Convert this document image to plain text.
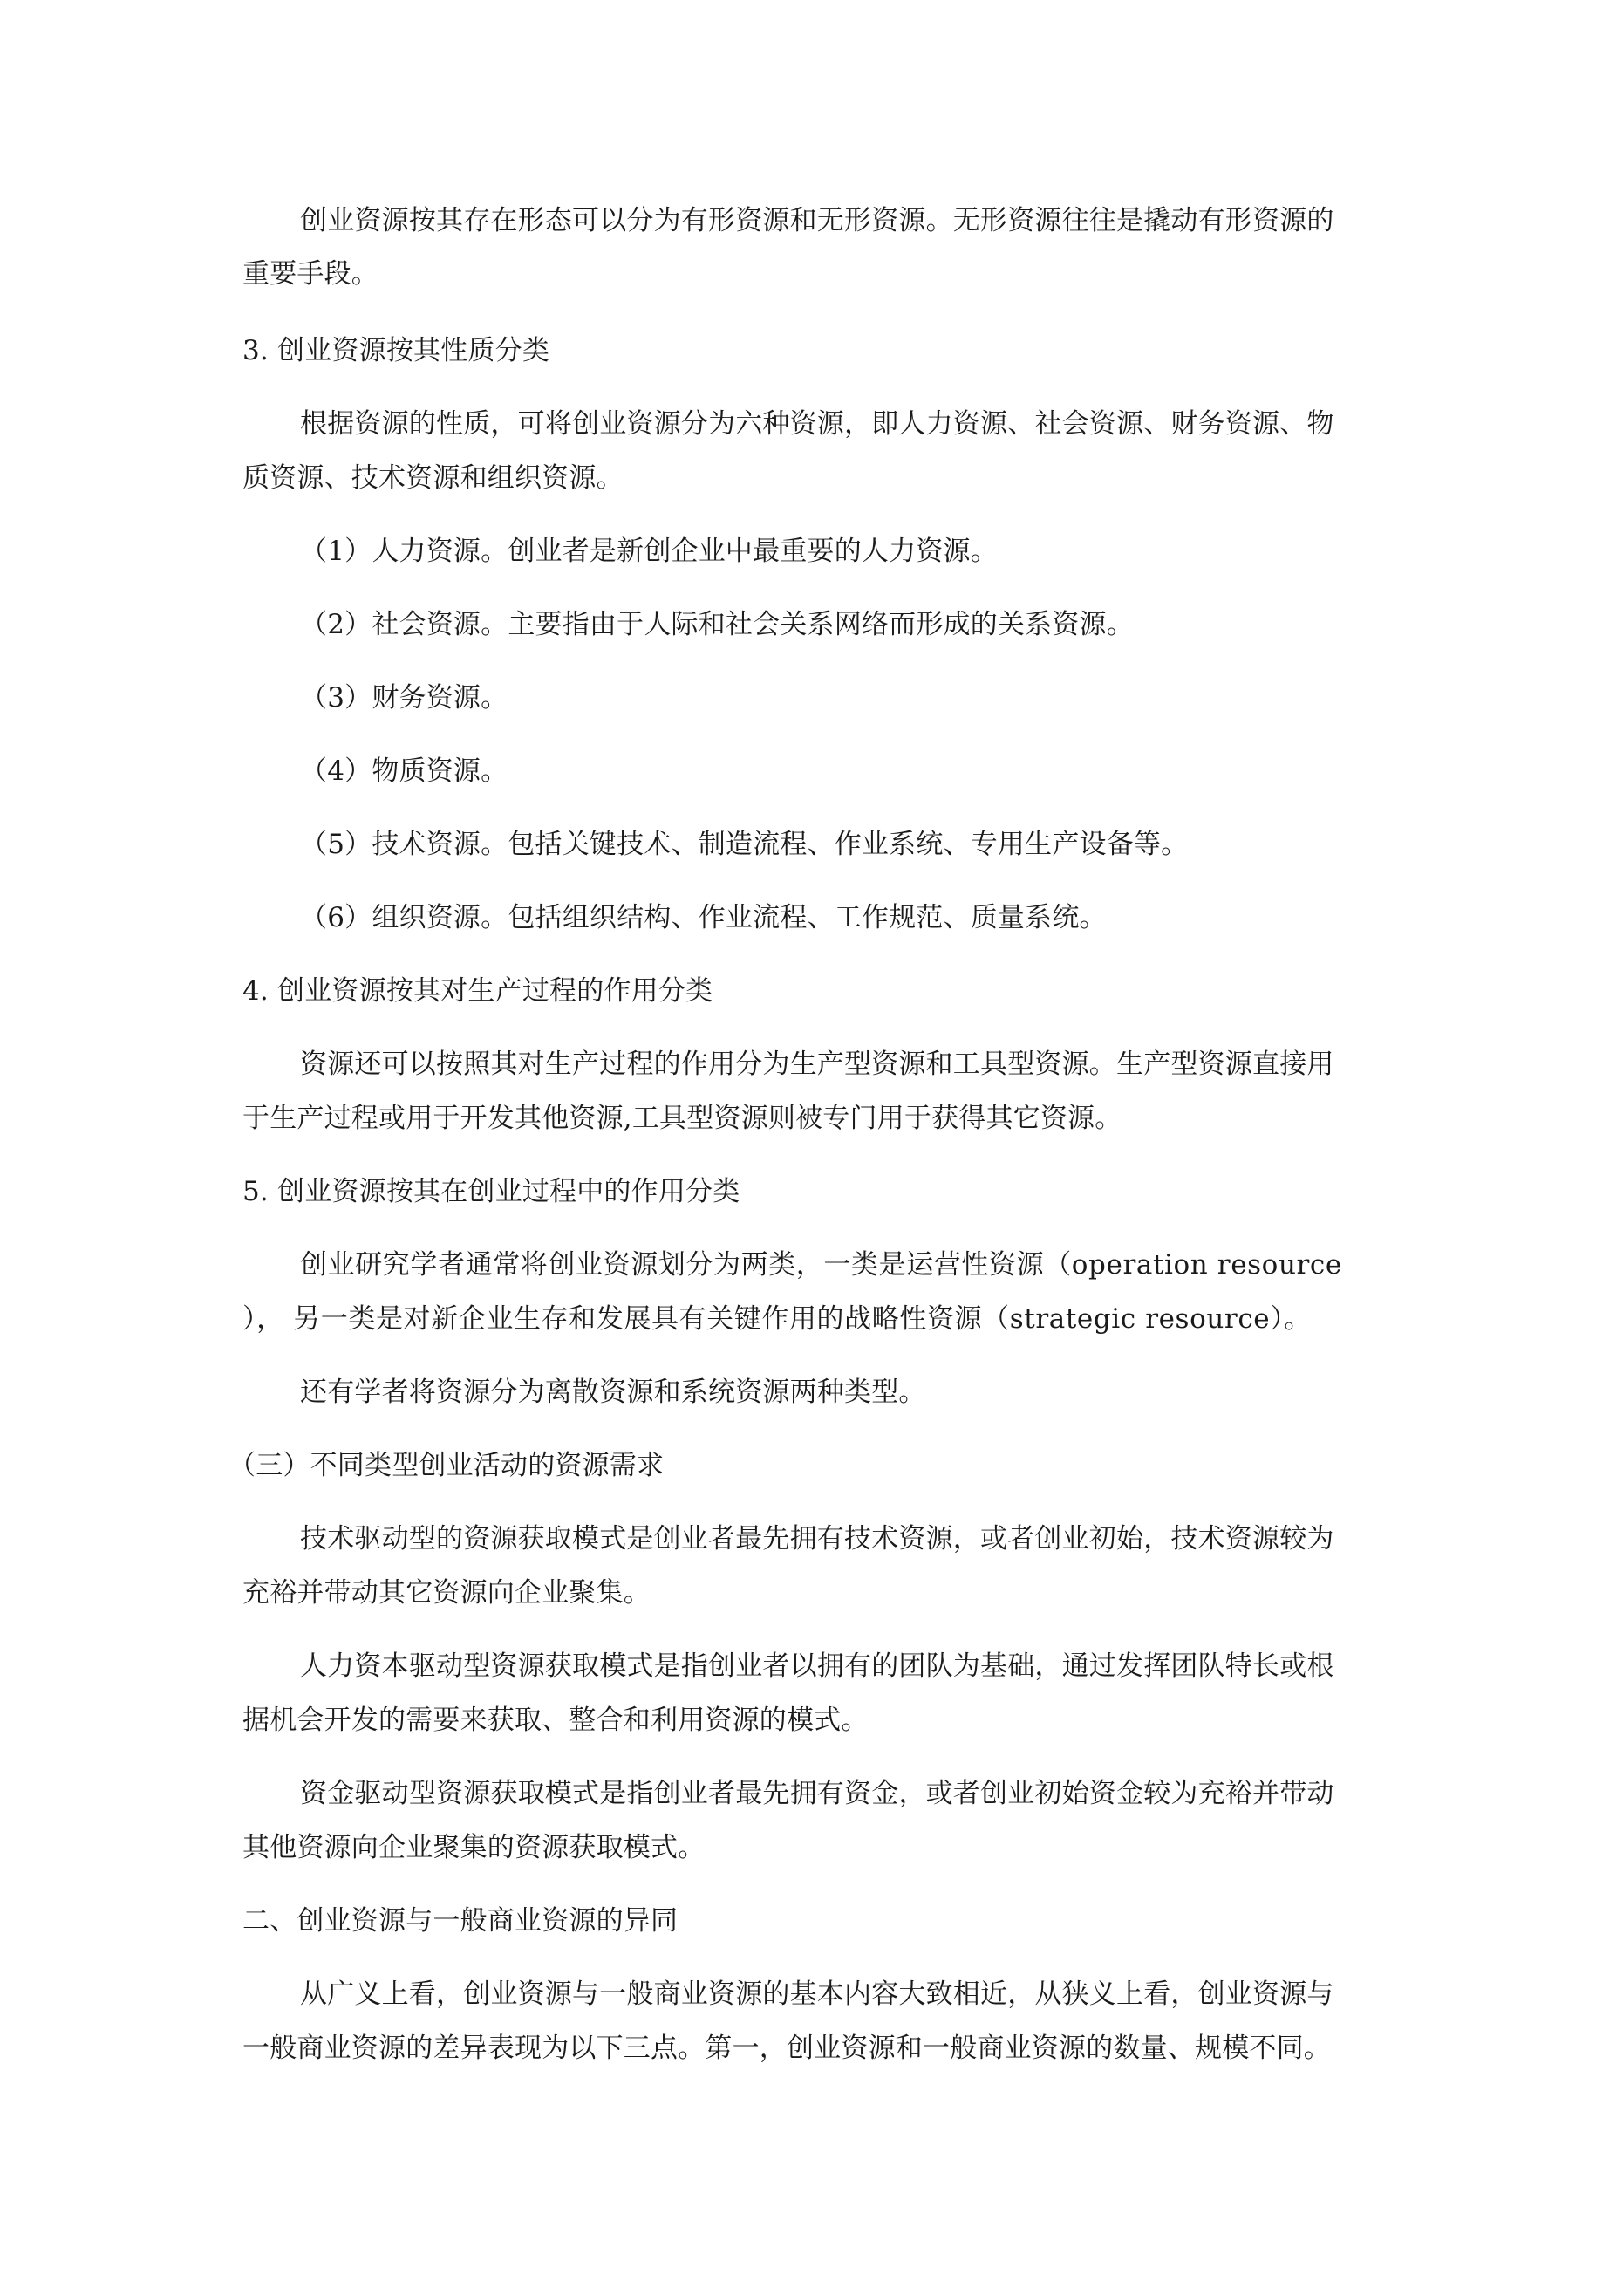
创业资源按其存在形态可以分为有形资源和无形资源。无形资源往往是撬动有形资源的
重要手段。
3. 创业资源按其性质分类
根据资源的性质，可将创业资源分为六种资源，即人力资源、社会资源、财务资源、物
质资源、技术资源和组织资源。
（1）人力资源。创业者是新创企业中最重要的人力资源。
（2）社会资源。主要指由于人际和社会关系网络而形成的关系资源。
（3）财务资源。
（4）物质资源。
（5）技术资源。包括关键技术、制造流程、作业系统、专用生产设备等。
（6）组织资源。包括组织结构、作业流程、工作规范、质量系统。
4. 创业资源按其对生产过程的作用分类
资源还可以按照其对生产过程的作用分为生产型资源和工具型资源。生产型资源直接用
于生产过程或用于开发其他资源,工具型资源则被专门用于获得其它资源。
5. 创业资源按其在创业过程中的作用分类
创业研究学者通常将创业资源划分为两类，一类是运营性资源（operation resource
）， 另一类是对新企业生存和发展具有关键作用的战略性资源（strategic resource）。
还有学者将资源分为离散资源和系统资源两种类型。
（三）不同类型创业活动的资源需求
技术驱动型的资源获取模式是创业者最先拥有技术资源，或者创业初始，技术资源较为
充裕并带动其它资源向企业聚集。
人力资本驱动型资源获取模式是指创业者以拥有的团队为基础，通过发挥团队特长或根
据机会开发的需要来获取、整合和利用资源的模式。
资金驱动型资源获取模式是指创业者最先拥有资金，或者创业初始资金较为充裕并带动
其他资源向企业聚集的资源获取模式。
二、创业资源与一般商业资源的异同
从广义上看，创业资源与一般商业资源的基本内容大致相近，从狭义上看，创业资源与
一般商业资源的差异表现为以下三点。第一，创业资源和一般商业资源的数量、规模不同。
